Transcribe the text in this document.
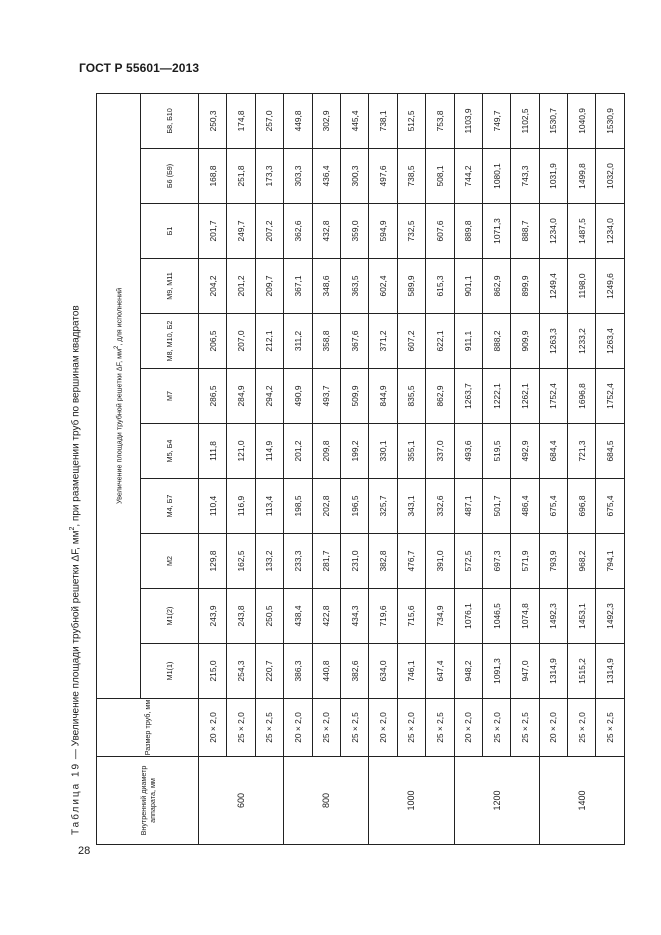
ГОСТ Р 55601—2013
Таблица 19 — Увеличение площади трубной решетки ΔF, $мм^2$, при размещении труб по вершинам квадратов
Внутренний диаметр аппарата, мм	Размер труб, мм	Увеличение площади трубной решетки ΔF, $мм^2$, для исполнений										
		М1(1)	М1(2)	М2	М4, Б7	М5, Б4	М7	М8, М10, Б2	М9, М11	Б1	Б6 (Б9)	Б8, Б10
600	20 × 2,0	215,0	243,9	129,8	110,4	111,8	286,5	206,5	204,2	201,7	168,8	250,3
	25 × 2,0	254,3	243,8	162,5	116,9	121,0	284,9	207,0	201,2	249,7	251,8	174,8
	25 × 2,5	220,7	250,5	133,2	113,4	114,9	294,2	212,1	209,7	207,2	173,3	257,0
800	20 × 2,0	386,3	438,4	233,3	198,5	201,2	490,9	311,2	367,1	362,6	303,3	449,8
	25 × 2,0	440,8	422,8	281,7	202,8	209,8	493,7	358,8	348,6	432,8	436,4	302,9
	25 × 2,5	382,6	434,3	231,0	196,5	199,2	509,9	367,6	363,5	359,0	300,3	445,4
1000	20 × 2,0	634,0	719,6	382,8	325,7	330,1	844,9	371,2	602,4	594,9	497,6	738,1
	25 × 2,0	746,1	715,6	476,7	343,1	355,1	835,5	607,2	589,9	732,5	738,5	512,5
	25 × 2,5	647,4	734,9	391,0	332,6	337,0	862,9	622,1	615,3	607,6	508,1	753,8
1200	20 × 2,0	948,2	1076,1	572,5	487,1	493,6	1263,7	911,1	901,1	889,8	744,2	1103,9
	25 × 2,0	1091,3	1046,5	697,3	501,7	519,5	1222,1	888,2	862,9	1071,3	1080,1	749,7
	25 × 2,5	947,0	1074,8	571,9	486,4	492,9	1262,1	909,9	899,9	888,7	743,3	1102,5
1400	20 × 2,0	1314,9	1492,3	793,9	675,4	684,4	1752,4	1263,3	1249,4	1234,0	1031,9	1530,7
	25 × 2,0	1515,2	1453,1	968,2	696,8	721,3	1696,8	1233,2	1198,0	1487,5	1499,8	1040,9
	25 × 2,5	1314,9	1492,3	794,1	675,4	684,5	1752,4	1263,4	1249,6	1234,0	1032,0	1530,9
28
